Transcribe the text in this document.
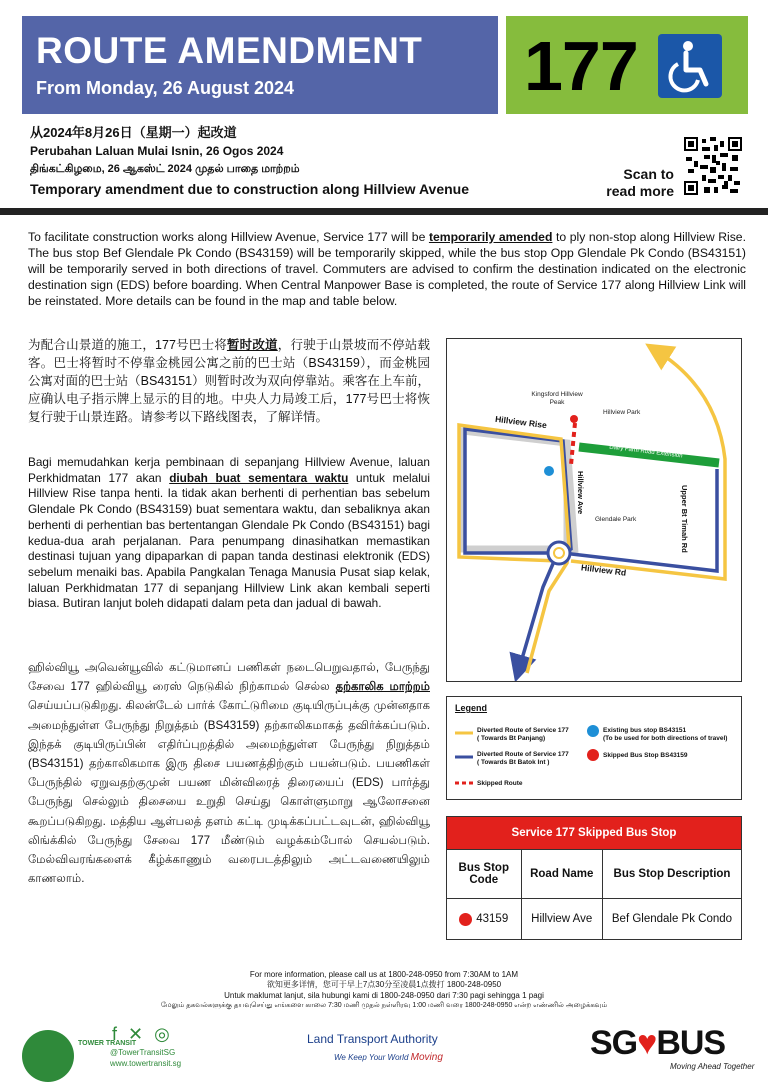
ROUTE AMENDMENT
From Monday, 26 August 2024	177
从2024年8月26日（星期一）起改道
Perubahan Laluan Mulai Isnin, 26 Ogos 2024
திங்கட்கிழமை, 26 ஆகஸ்ட் 2024 முதல் பாதை மாற்றம்
Temporary amendment due to construction along Hillview Avenue
Scan to
read more

To facilitate construction works along Hillview Avenue, Service 177 will be temporarily amended to ply non-stop along Hillview Rise. The bus stop Bef Glendale Pk Condo (BS43159) will be temporarily skipped, while the bus stop Opp Glendale Pk Condo (BS43151) will be temporarily served in both directions of travel. Commuters are advised to confirm the destination indicated on the electronic destination sign (EDS) before boarding. When Central Manpower Base is completed, the route of Service 177 along Hillview Link will be reinstated. More details can be found in the map and table below.

为配合山景道的施工，177号巴士将暂时改道，行驶于山景坡而不停站载客。巴士将暂时不停靠金桃园公寓之前的巴士站（BS43159），而金桃园公寓对面的巴士站（BS43151）则暂时改为双向停靠站。乘客在上车前，应确认电子指示牌上显示的目的地。中央人力局竣工后，177号巴士将恢复行驶于山景连路。请参考以下路线图表，了解详情。

Bagi memudahkan kerja pembinaan di sepanjang Hillview Avenue, laluan Perkhidmatan 177 akan diubah buat sementara waktu untuk melalui Hillview Rise tanpa henti. Ia tidak akan berhenti di perhentian bas sebelum Glendale Pk Condo (BS43159) buat sementara waktu, dan sebaliknya akan berhenti di perhentian bas bertentangan Glendale Pk Condo (BS43151) bagi kedua-dua arah perjalanan. Para penumpang dinasihatkan memastikan destinasi tujuan yang dipaparkan di papan tanda destinasi elektronik (EDS) sebelum menaiki bas. Apabila Pangkalan Tenaga Manusia Pusat siap kelak, laluan Perkhidmatan 177 di sepanjang Hillview Link akan kembali seperti biasa. Butiran lanjut boleh didapati dalam peta dan jadual di bawah.

ஹில்வியூ அவென்யூவில் கட்டுமானப் பணிகள் நடைபெறுவதால், பேருந்து சேவை 177 ஹில்வியூ ரைஸ் நெடுகில் நிற்காமல் செல்ல தற்காலிக மாற்றம் செய்யப்படுகிறது. கிலன்டேல் பார்க் கோட்டுரிமை குடியிருப்புக்கு முன்னதாக அமைந்துள்ள பேருந்து நிறுத்தம் (BS43159) தற்காலிகமாகத் தவிர்க்கப்படும். இந்தக் குடியிருப்பின் எதிர்ப்புறத்தில் அமைந்துள்ள பேருந்து நிறுத்தம் (BS43151) தற்காலிகமாக இரு திசை பயணத்திற்கும் பயன்படும். பயணிகள் பேருந்தில் ஏறுவதற்குமுன் பயண மின்விரைத் திரையைப் (EDS) பார்த்து பேருந்து செல்லும் திசையை உறுதி செய்து கொள்ளுமாறு ஆலோசனை கூறப்படுகிறது. மத்திய ஆள்பலத் தளம் கட்டி முடிக்கப்பட்டவுடன், ஹில்வியூ லிங்க்கில் பேருந்து சேவை 177 மீண்டும் வழக்கம்போல் செயல்படும். மேல்விவரங்களைக் கீழ்க்காணும் வரைபடத்திலும் அட்டவணையிலும் காணலாம்.

Kingsford Hillview Peak
Hillview Park
Hillview Rise
Dairy Farm Road Extension
Upper Bt Timah Rd
Hillview Ave
Glendale Park
Hillview Rd
Legend
Diverted Route of Service 177
( Towards Bt Panjang)
Diverted Route of Service 177
( Towards Bt Batok Int )
Skipped Route
Existing bus stop BS43151
(To be used for both directions of travel)
Skipped Bus Stop BS43159
Service 177 Skipped Bus Stop
Bus Stop Code	Road Name	Bus Stop Description
43159	Hillview Ave	Bef Glendale Pk Condo
For more information, please call us at 1800-248-0950 from 7:30AM to 1AM
欲知更多详情，您可于早上7点30分至凌晨1点拨打 1800-248-0950
Untuk maklumat lanjut, sila hubungi kami di 1800-248-0950 dari 7:30 pagi sehingga 1 pagi
மேலும் தகவல்களுக்கு தயவுசெய்து எங்களை காலை 7:30 மணி முதல் நள்ளிரவு 1:00 மணி வரை 1800-248-0950 என்ற எண்ணில் அழைக்கவும்
TOWER TRANSIT
f ✕ ◎
@TowerTransitSG
www.towertransit.sg
Land Transport Authority
We Keep Your World Moving	SG♥BUS
Moving Ahead Together
